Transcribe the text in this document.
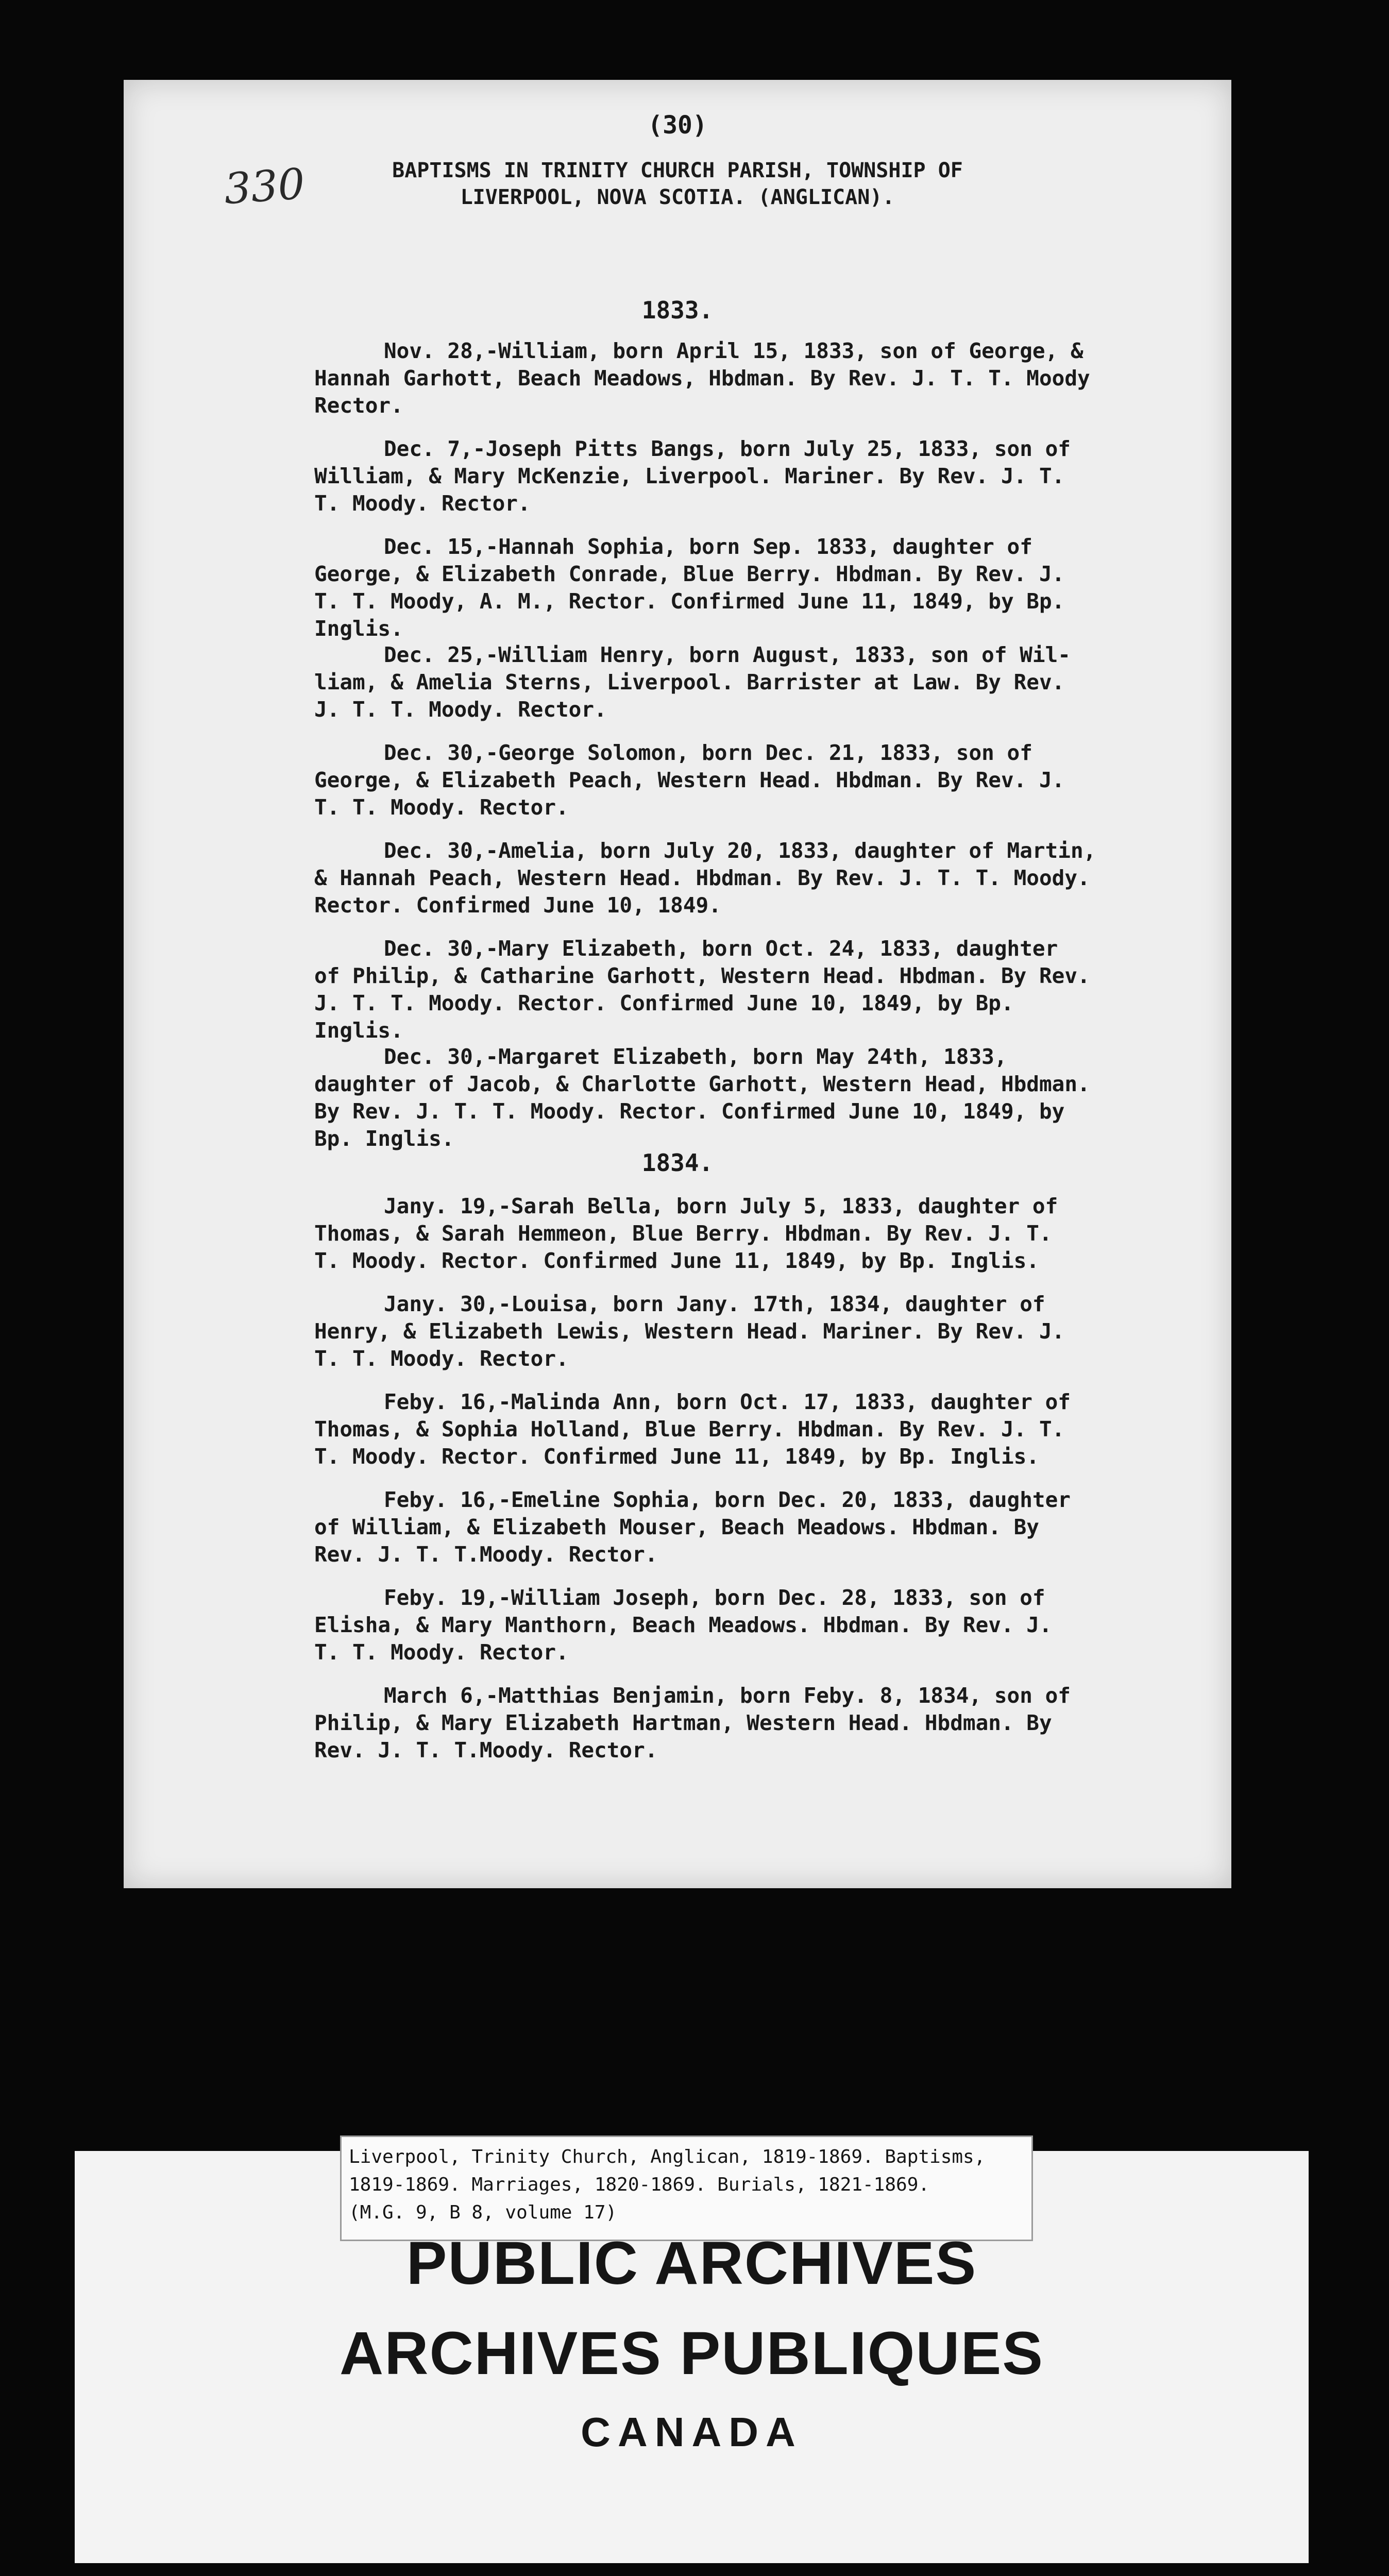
330
(30)
BAPTISMS IN TRINITY CHURCH PARISH, TOWNSHIP OF
LIVERPOOL, NOVA SCOTIA. (ANGLICAN).
1833.

Nov. 28,-William, born April 15, 1833, son of George, &

Hannah Garhott, Beach Meadows, Hbdman. By Rev. J. T. T. Moody

Rector.

Dec. 7,-Joseph Pitts Bangs, born July 25, 1833, son of

William, & Mary McKenzie, Liverpool. Mariner. By Rev. J. T.

T. Moody. Rector.

Dec. 15,-Hannah Sophia, born Sep. 1833, daughter of

George, & Elizabeth Conrade, Blue Berry. Hbdman. By Rev. J.

T. T. Moody, A. M., Rector. Confirmed June 11, 1849, by Bp.

Inglis.

Dec. 25,-William Henry, born August, 1833, son of Wil-

liam, & Amelia Sterns, Liverpool. Barrister at Law. By Rev.

J. T. T. Moody. Rector.

Dec. 30,-George Solomon, born Dec. 21, 1833, son of

George, & Elizabeth Peach, Western Head. Hbdman. By Rev. J.

T. T. Moody. Rector.

Dec. 30,-Amelia, born July 20, 1833, daughter of Martin,

& Hannah Peach, Western Head. Hbdman. By Rev. J. T. T. Moody.

Rector. Confirmed June 10, 1849.

Dec. 30,-Mary Elizabeth, born Oct. 24, 1833, daughter

of Philip, & Catharine Garhott, Western Head. Hbdman. By Rev.

J. T. T. Moody. Rector. Confirmed June 10, 1849, by Bp.

Inglis.

Dec. 30,-Margaret Elizabeth, born May 24th, 1833,

daughter of Jacob, & Charlotte Garhott, Western Head, Hbdman.

By Rev. J. T. T. Moody. Rector. Confirmed June 10, 1849, by

Bp. Inglis.

1834.

Jany. 19,-Sarah Bella, born July 5, 1833, daughter of

Thomas, & Sarah Hemmeon, Blue Berry. Hbdman. By Rev. J. T.

T. Moody. Rector. Confirmed June 11, 1849, by Bp. Inglis.

Jany. 30,-Louisa, born Jany. 17th, 1834, daughter of

Henry, & Elizabeth Lewis, Western Head. Mariner. By Rev. J.

T. T. Moody. Rector.

Feby. 16,-Malinda Ann, born Oct. 17, 1833, daughter of

Thomas, & Sophia Holland, Blue Berry. Hbdman. By Rev. J. T.

T. Moody. Rector. Confirmed June 11, 1849, by Bp. Inglis.

Feby. 16,-Emeline Sophia, born Dec. 20, 1833, daughter

of William, & Elizabeth Mouser, Beach Meadows. Hbdman. By

Rev. J. T. T.Moody. Rector.

Feby. 19,-William Joseph, born Dec. 28, 1833, son of

Elisha, & Mary Manthorn, Beach Meadows. Hbdman. By Rev. J.

T. T. Moody. Rector.

March 6,-Matthias Benjamin, born Feby. 8, 1834, son of

Philip, & Mary Elizabeth Hartman, Western Head. Hbdman. By

Rev. J. T. T.Moody. Rector.

Liverpool, Trinity Church, Anglican, 1819-1869. Baptisms,
1819-1869. Marriages, 1820-1869. Burials, 1821-1869.
(M.G. 9, B 8, volume 17)
PUBLIC ARCHIVES
ARCHIVES PUBLIQUES
CANADA
